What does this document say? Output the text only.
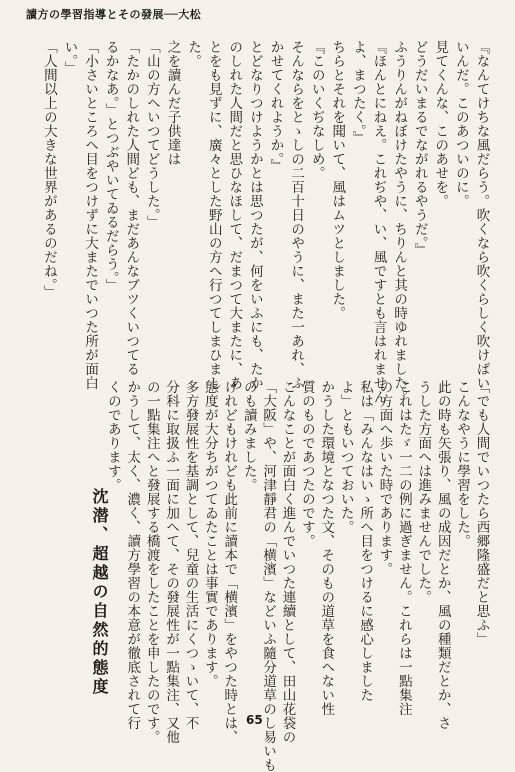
讀方の學習指導とその發展──大松
『なんてけちな風だらう。吹くなら吹くらしく吹けばい
いんだ。このあついのに。
見てくんな、このあせを。
どうだいまるでながれるやうだ。』
ふうりんがねぼけたやうに、ちりんと其の時ゆれました。
『ほんとにねえ。これぢや、い、風ですとも言はれません
よ、まつたく。』
ちらとそれを聞いて、風はムツとしました。
『このいくぢなしめ。
そんならをとゝしの二百十日のやうに、また一あれ、ふ
かせてくれようか。』
とどなりつけようかとは思つたが、何をいふにも、たか
のしれた人間だと思ひなほして、だまつて大またに、あ
とをも見ずに、廣々とした野山の方へ行つてしまひまし
た。
之を讀んだ子供達は
「山の方へいつてどうした。」
「たかのしれた人間ども、まだあんなブツくいつてる
るかなあ。」とつぶやいてゐるだらう。」
「小さいところへ目をつけずに大またでいつた所が面白
い。」
「人間以上の大きな世界があるのだね。」
「でも人間でいつたら西郷隆盛だと思ふ」
こんなやうに學習をした。
此の時も矢張り、風の成因だとか、風の種類だとか、さ
うした方面へは進みませんでした。
これはたゞ一二の例に過ぎません。これらは一點集注
の方面へ歩いた時であります。
私は「みんなはいゝ所へ目をつけるに感心しました
よ」ともいつておいた。
かうした環境となつた文、そのもの道草を食へない性
質のものであつたのです。
こんなことが面白く進んでいつた連續として、田山花袋の
「大阪」や、河津靜君の「横濱」などいふ隨分道草のし易いも
のも讀みました。
けれどもけれども此前に讀本で「横濱」をやつた時とは、
態度が大分ちがつてゐたことは事實であります。
多方發展性を基調として、兒童の生活にくつゝいて、不
分科に取扱ふ一面に加へて、その發展性が一點集注、又他
の一點集注へと發展する橋渡をしたことを申したのです。
かうして、太く、濃く、讀方學習の本意が徹底されて行
くのであります。
沈潜、超越の自然的態度
65
